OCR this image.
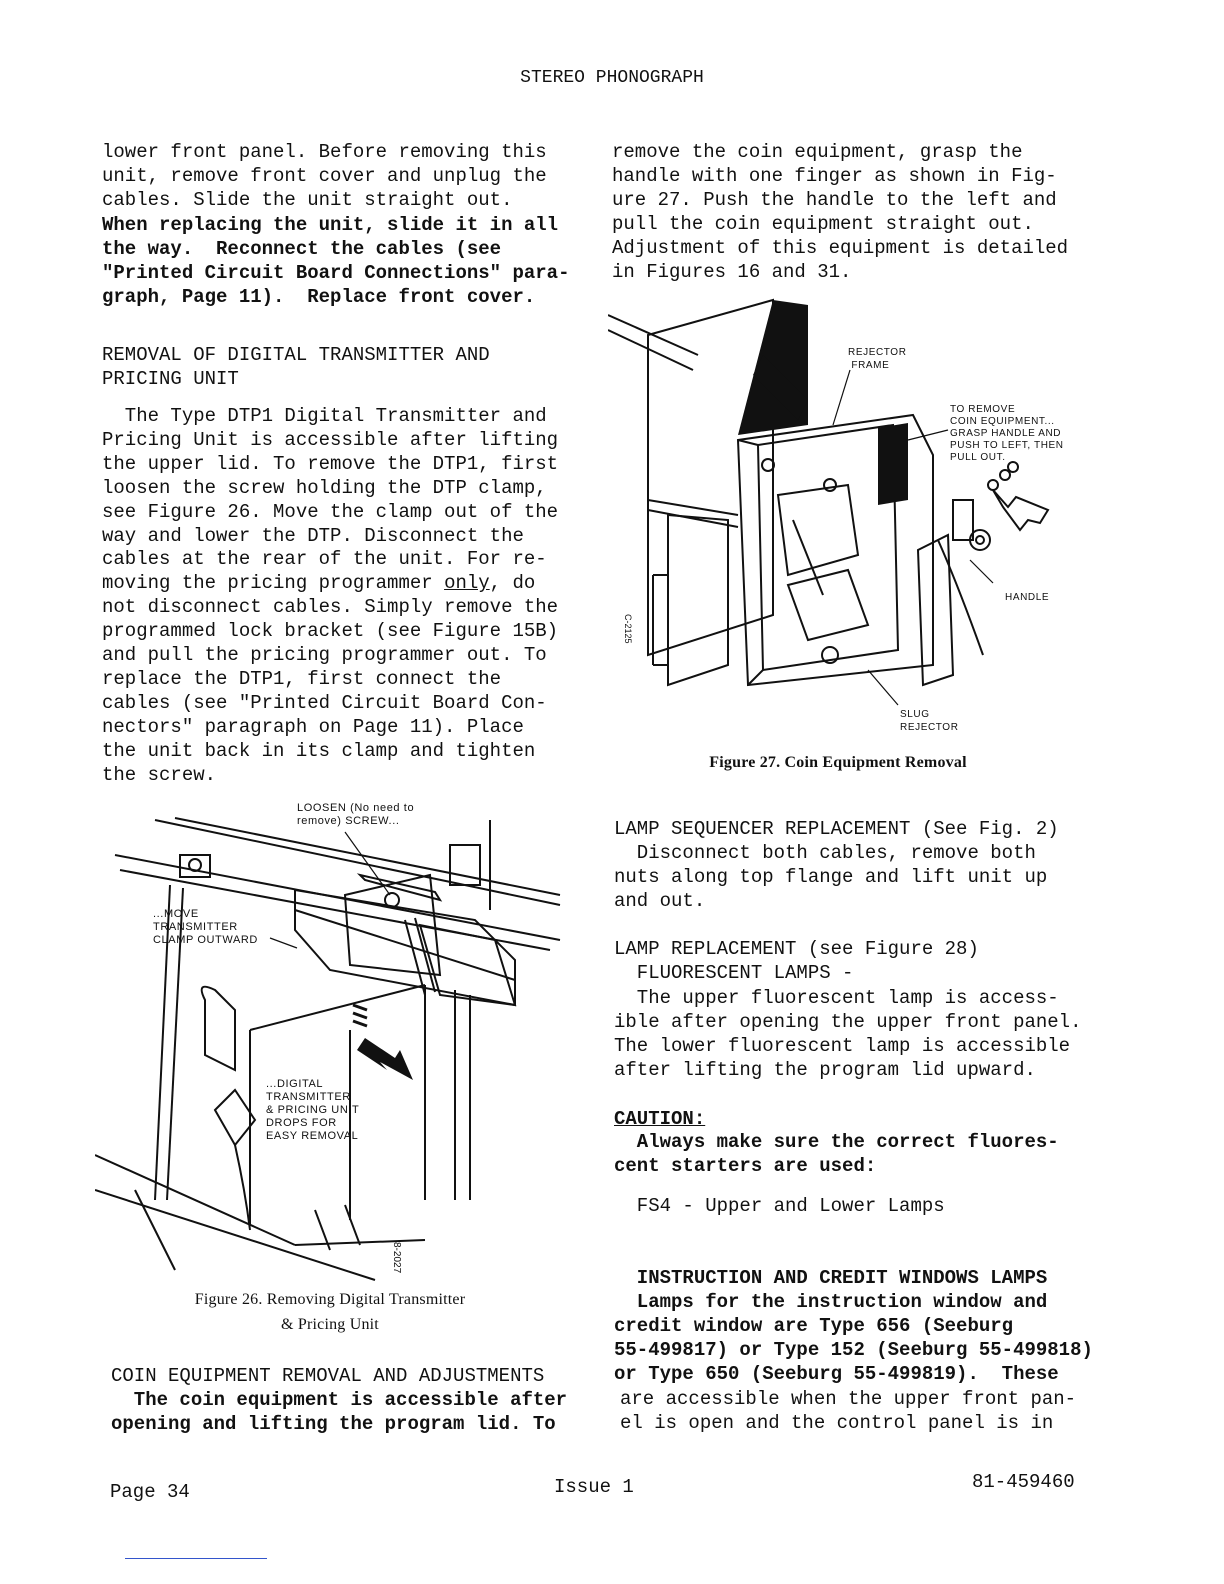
STEREO PHONOGRAPH
lower front panel. Before removing this
unit, remove front cover and unplug the
cables. Slide the unit straight out.
When replacing the unit, slide it in all
the way.  Reconnect the cables (see
"Printed Circuit Board Connections" para-
graph, Page 11).  Replace front cover.
REMOVAL OF DIGITAL TRANSMITTER AND
PRICING UNIT
The Type DTP1 Digital Transmitter and
Pricing Unit is accessible after lifting
the upper lid. To remove the DTP1, first
loosen the screw holding the DTP clamp,
see Figure 26. Move the clamp out of the
way and lower the DTP. Disconnect the
cables at the rear of the unit. For re-
moving the pricing programmer only, do
not disconnect cables. Simply remove the
programmed lock bracket (see Figure 15B)
and pull the pricing programmer out. To
replace the DTP1, first connect the
cables (see "Printed Circuit Board Con-
nectors" paragraph on Page 11). Place
the unit back in its clamp and tighten
the screw.
LOOSEN (No need to
remove) SCREW...
...MOVE
TRANSMITTER
CLAMP OUTWARD
...DIGITAL
TRANSMITTER
& PRICING UNIT
DROPS FOR
EASY REMOVAL
8-2027
Figure 26. Removing Digital Transmitter
& Pricing Unit
COIN EQUIPMENT REMOVAL AND ADJUSTMENTS
The coin equipment is accessible after
opening and lifting the program lid. To
remove the coin equipment, grasp the
handle with one finger as shown in Fig-
ure 27. Push the handle to the left and
pull the coin equipment straight out.
Adjustment of this equipment is detailed
in Figures 16 and 31.
REJECTOR
FRAME
TO REMOVE
COIN EQUIPMENT...
GRASP HANDLE AND
PUSH TO LEFT, THEN
PULL OUT.
HANDLE
SLUG
REJECTOR
C-2125
Figure 27. Coin Equipment Removal
LAMP SEQUENCER REPLACEMENT (See Fig. 2)
Disconnect both cables, remove both
nuts along top flange and lift unit up
and out.
LAMP REPLACEMENT (see Figure 28)
FLUORESCENT LAMPS -
The upper fluorescent lamp is access-
ible after opening the upper front panel.
The lower fluorescent lamp is accessible
after lifting the program lid upward.
CAUTION:
Always make sure the correct fluores-
cent starters are used:
FS4 - Upper and Lower Lamps
INSTRUCTION AND CREDIT WINDOWS LAMPS
Lamps for the instruction window and
credit window are Type 656 (Seeburg
55-499817) or Type 152 (Seeburg 55-499818)
or Type 650 (Seeburg 55-499819).  These
are accessible when the upper front pan-
el is open and the control panel is in
Page 34	Issue 1	81-459460
